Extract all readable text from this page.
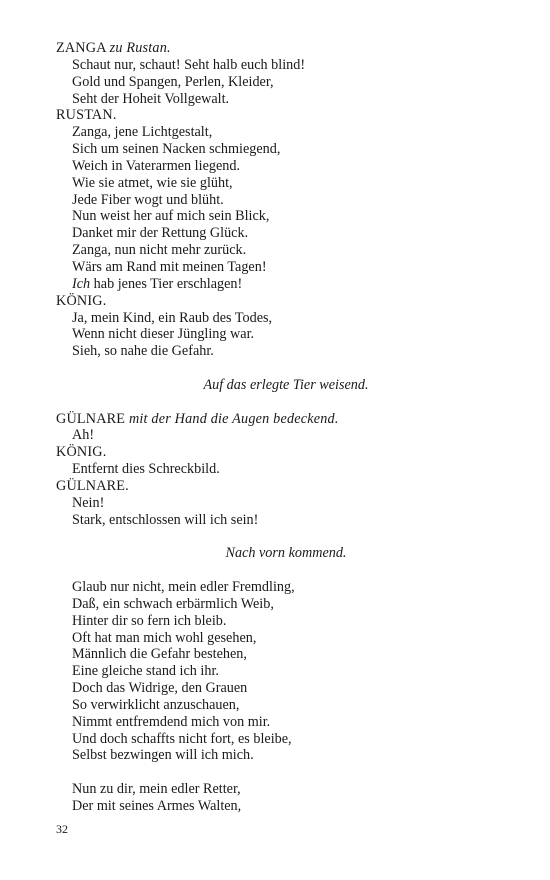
ZANGA zu Rustan.

Schaut nur, schaut! Seht halb euch blind!

Gold und Spangen, Perlen, Kleider,

Seht der Hoheit Vollgewalt.

RUSTAN.

Zanga, jene Lichtgestalt,

Sich um seinen Nacken schmiegend,

Weich in Vaterarmen liegend.

Wie sie atmet, wie sie glüht,

Jede Fiber wogt und blüht.

Nun weist her auf mich sein Blick,

Danket mir der Rettung Glück.

Zanga, nun nicht mehr zurück.

Wärs am Rand mit meinen Tagen!

Ich hab jenes Tier erschlagen!

KÖNIG.

Ja, mein Kind, ein Raub des Todes,

Wenn nicht dieser Jüngling war.

Sieh, so nahe die Gefahr.

Auf das erlegte Tier weisend.

GÜLNARE mit der Hand die Augen bedeckend.

Ah!

KÖNIG.

Entfernt dies Schreckbild.

GÜLNARE.

Nein!

Stark, entschlossen will ich sein!

Nach vorn kommend.

Glaub nur nicht, mein edler Fremdling,

Daß, ein schwach erbärmlich Weib,

Hinter dir so fern ich bleib.

Oft hat man mich wohl gesehen,

Männlich die Gefahr bestehen,

Eine gleiche stand ich ihr.

Doch das Widrige, den Grauen

So verwirklicht anzuschauen,

Nimmt entfremdend mich von mir.

Und doch schaffts nicht fort, es bleibe,

Selbst bezwingen will ich mich.

Nun zu dir, mein edler Retter,

Der mit seines Armes Walten,

32
